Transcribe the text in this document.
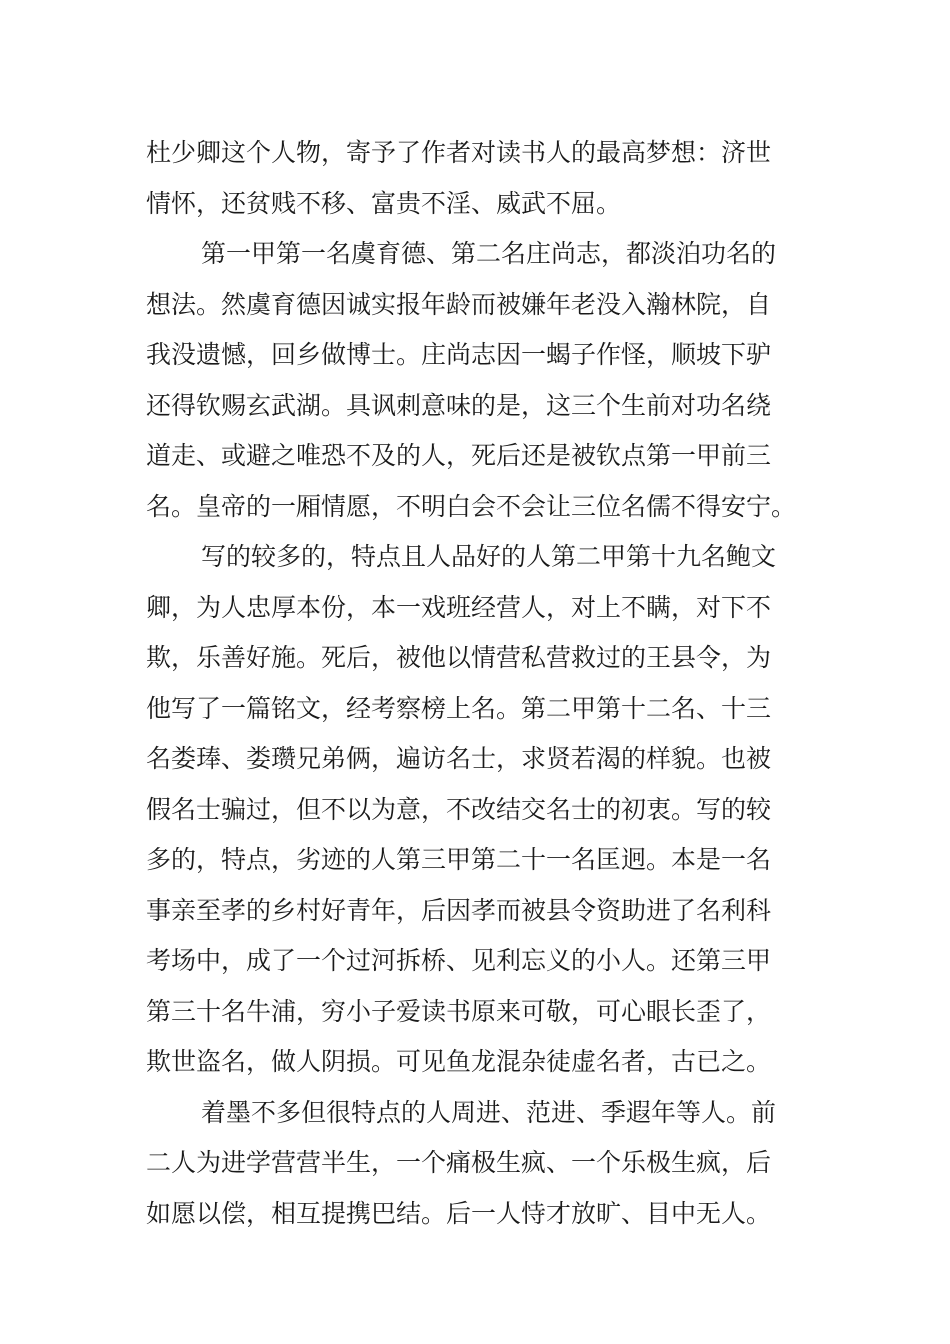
杜少卿这个人物，寄予了作者对读书人的最高梦想：济世
情怀，还贫贱不移、富贵不淫、威武不屈。
第一甲第一名虞育德、第二名庄尚志，都淡泊功名的
想法。然虞育德因诚实报年龄而被嫌年老没入瀚林院，自
我没遗憾，回乡做博士。庄尚志因一蝎子作怪，顺坡下驴
还得钦赐玄武湖。具讽刺意味的是，这三个生前对功名绕
道走、或避之唯恐不及的人，死后还是被钦点第一甲前三
名。皇帝的一厢情愿，不明白会不会让三位名儒不得安宁。
写的较多的，特点且人品好的人第二甲第十九名鲍文
卿，为人忠厚本份，本一戏班经营人，对上不瞒，对下不
欺，乐善好施。死后，被他以情营私营救过的王县令，为
他写了一篇铭文，经考察榜上名。第二甲第十二名、十三
名娄琫、娄瓒兄弟俩，遍访名士，求贤若渴的样貌。也被
假名士骗过，但不以为意，不改结交名士的初衷。写的较
多的，特点，劣迹的人第三甲第二十一名匡迥。本是一名
事亲至孝的乡村好青年，后因孝而被县令资助进了名利科
考场中，成了一个过河拆桥、见利忘义的小人。还第三甲
第三十名牛浦，穷小子爱读书原来可敬，可心眼长歪了，
欺世盗名，做人阴损。可见鱼龙混杂徒虚名者，古已之。
着墨不多但很特点的人周进、范进、季遐年等人。前
二人为进学营营半生，一个痛极生疯、一个乐极生疯，后
如愿以偿，相互提携巴结。后一人恃才放旷、目中无人。
